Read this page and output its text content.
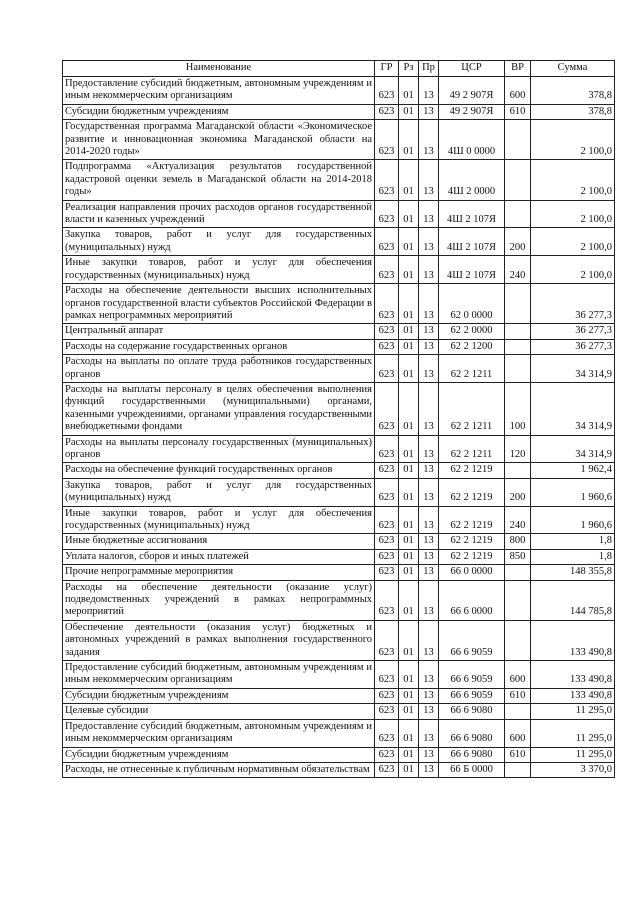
Наименование	ГР	Рз	Пр	ЦСР	ВР	Сумма
Предоставление субсидий бюджетным, автономным учреждениям и иным некоммерческим организациям	623	01	13	49 2 907Я	600	378,8
Субсидии бюджетным учреждениям	623	01	13	49 2 907Я	610	378,8
Государственная программа Магаданской области «Экономическое развитие и инновационная экономика Магаданской области на 2014-2020 годы»	623	01	13	4Ш 0 0000		2 100,0
Подпрограмма «Актуализация результатов государственной кадастровой оценки земель в Магаданской области на 2014-2018 годы»	623	01	13	4Ш 2 0000		2 100,0
Реализация направления прочих расходов органов государственной власти и казенных учреждений	623	01	13	4Ш 2 107Я		2 100,0
Закупка товаров, работ и услуг для государственных (муниципальных) нужд	623	01	13	4Ш 2 107Я	200	2 100,0
Иные закупки товаров, работ и услуг для обеспечения государственных (муниципальных) нужд	623	01	13	4Ш 2 107Я	240	2 100,0
Расходы на обеспечение деятельности высших исполнительных органов государственной власти субъектов Российской Федерации в рамках непрограммных мероприятий	623	01	13	62 0 0000		36 277,3
Центральный аппарат	623	01	13	62 2 0000		36 277,3
Расходы на содержание государственных органов	623	01	13	62 2 1200		36 277,3
Расходы на выплаты по оплате труда работников государственных органов	623	01	13	62 2 1211		34 314,9
Расходы на выплаты персоналу в целях обеспечения выполнения функций государственными (муниципальными) органами, казенными учреждениями, органами управления государственными внебюджетными фондами	623	01	13	62 2 1211	100	34 314,9
Расходы на выплаты персоналу государственных (муниципальных) органов	623	01	13	62 2 1211	120	34 314,9
Расходы на обеспечение функций государственных органов	623	01	13	62 2 1219		1 962,4
Закупка товаров, работ и услуг для государственных (муниципальных) нужд	623	01	13	62 2 1219	200	1 960,6
Иные закупки товаров, работ и услуг для обеспечения государственных (муниципальных) нужд	623	01	13	62 2 1219	240	1 960,6
Иные бюджетные ассигнования	623	01	13	62 2 1219	800	1,8
Уплата налогов, сборов и иных платежей	623	01	13	62 2 1219	850	1,8
Прочие непрограммные мероприятия	623	01	13	66 0 0000		148 355,8
Расходы на обеспечение деятельности (оказание услуг) подведомственных учреждений в рамках непрограммных мероприятий	623	01	13	66 6 0000		144 785,8
Обеспечение деятельности (оказания услуг) бюджетных и автономных учреждений в рамках выполнения государственного задания	623	01	13	66 6 9059		133 490,8
Предоставление субсидий бюджетным, автономным учреждениям и иным некоммерческим организациям	623	01	13	66 6 9059	600	133 490,8
Субсидии бюджетным учреждениям	623	01	13	66 6 9059	610	133 490,8
Целевые субсидии	623	01	13	66 6 9080		11 295,0
Предоставление субсидий бюджетным, автономным учреждениям и иным некоммерческим организациям	623	01	13	66 6 9080	600	11 295,0
Субсидии бюджетным учреждениям	623	01	13	66 6 9080	610	11 295,0
Расходы, не отнесенные к публичным нормативным обязательствам	623	01	13	66 Б 0000		3 370,0
